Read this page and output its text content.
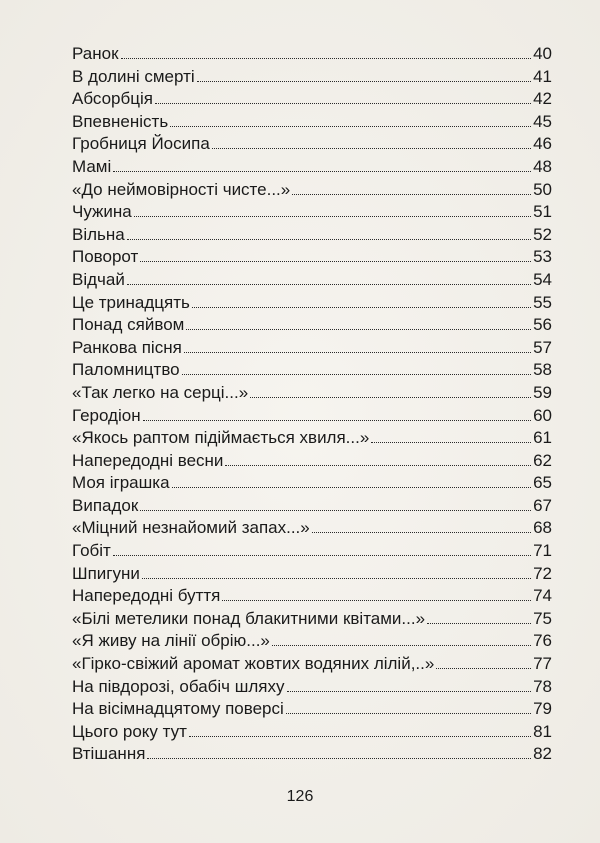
Ранок	40
В долині смерті	41
Абсорбція	42
Впевненість	45
Гробниця Йосипа	46
Мамі	48
«До неймовірності чисте...»	50
Чужина	51
Вільна	52
Поворот	53
Відчай	54
Це тринадцять	55
Понад сяйвом	56
Ранкова пісня	57
Паломництво	58
«Так легко на серці...»	59
Геродіон	60
«Якось раптом підіймається хвиля...»	61
Напередодні весни	62
Моя іграшка	65
Випадок	67
«Міцний незнайомий запах...»	68
Гобіт	71
Шпигуни	72
Напередодні буття	74
«Білі метелики понад блакитними квітами...»	75
«Я живу на лінії обрію...»	76
«Гірко-свіжий аромат жовтих водяних лілій,..»	77
На півдорозі, обабіч шляху	78
На вісімнадцятому поверсі	79
Цього року тут	81
Втішання	82
126
